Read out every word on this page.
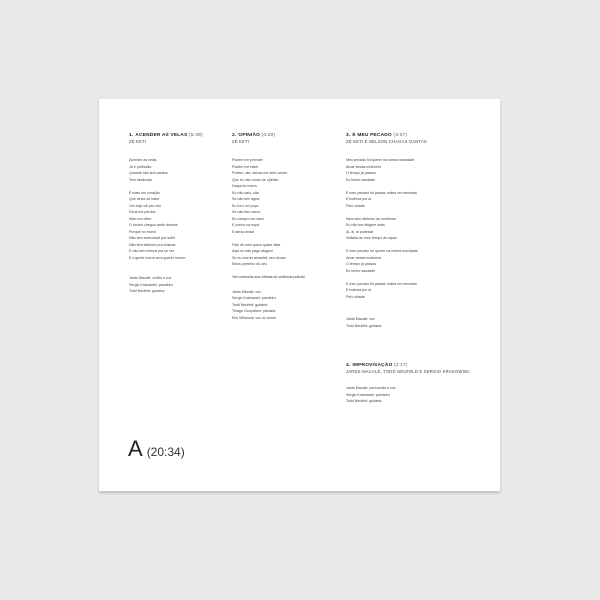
1. ACENDER AS VELAS (5:48)
ZÉ KETI
Acender as velas
Já é profissão
Quando não tem samba
Tem desilusão
É mais um coração
Que deixa de bater
Um anjo vai pro céu
Deus me perdoe
Mas vou dizer
O doutor chegou tarde demais
Porque no morro
Não tem automóvel pra subir
Não tem telefone pra chamar
E não tem beleza pra se ver
E a gente morre sem querer morrer
Jards Macalé: violão e voz
Sergio Krakowski: pandeiro
Todd Neufeld: guitarra
2. OPINIÃO (4:20)
ZÉ KETI
Podem me prender
Podem me bater
Podem, até, deixar-me sem comer
Que eu não mudo de opinião
Daqui do morro
Eu não saio, não
Se não tem água
Eu furo um poço
Se não tem carne
Eu compro um osso
E ponho na sopa
E deixa andar
Fale de mim quem quiser falar
Aqui eu não pago aluguel
Se eu morrer amanhã, seu doutor
Estou pertinho do céu
*em memória aos vítimas do violência policial
Jards Macalé: voz
Sergio Krakowski: pandeiro
Todd Neufeld: guitarra
Thiago Gonçalves: pianista
Eric Milnsons: voz no fundo
3. É MEU PECADO (4:07)
ZÉ KETI E NELSON CHAGAS DANTAS
Meu pecado foi querer na minha mocidade
Amar tantas mulheres
O tempo já passou
Eu tenho saudade
E meu pecado foi passar noites em serestas
E boêmia por aí
Pelo cidade
Nem sem dinheiro as mulheres
Eu não me dirigem mais
Ai, ai, ai pudesse
Voltaria ao meu tempo de rapaz
E meu pecado foi querer na minha mocidade
Amar tantas mulheres
O tempo já passou
Eu tenho saudade
E meu pecado foi passar noites em serestas
E boêmia por aí
Pelo cidade
Jards Macalé: voz
Todd Neufeld: guitarra
4. IMPROVISAÇÃO (2:17)
JARDS MACALÉ, TODD NEUFELD E SERGIO KRAKOWSKI
Jards Macalé: percussão e voz
Sergio Krakowski: pandeiro
Todd Neufeld: guitarra
A (20:34)
